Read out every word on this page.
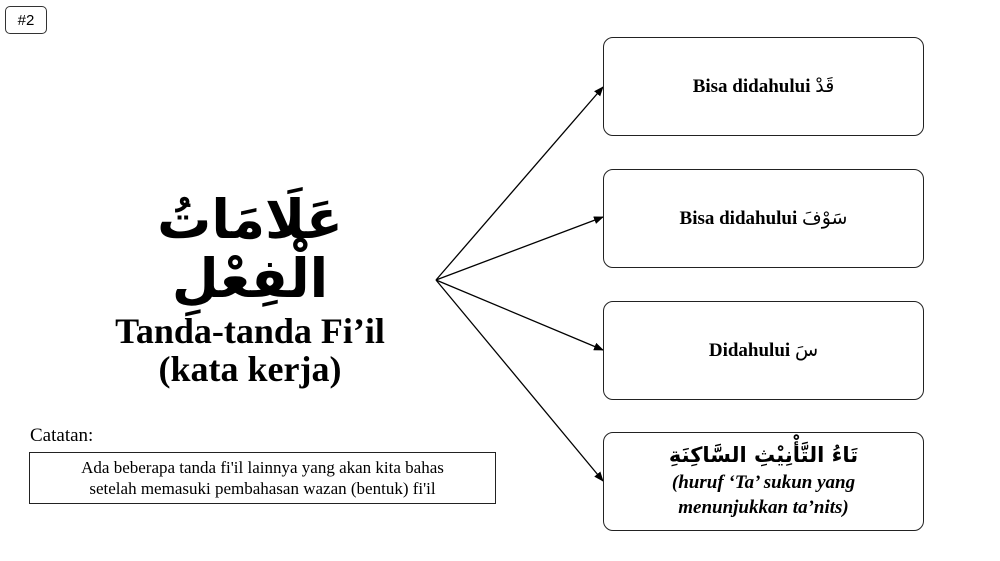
#2
عَلَامَاتُ الْفِعْلِ
Tanda-tanda Fi’il
(kata kerja)
Bisa didahului قَدْ
Bisa didahului سَوْفَ
Didahului سَ
تَاءُ التَّأْنِيْثِ السَّاكِنَةِ
(huruf ‘Ta’ sukun yang
menunjukkan ta’nits)
Catatan:
Ada beberapa tanda fi'il lainnya yang akan kita bahas
setelah memasuki pembahasan wazan (bentuk) fi'il
